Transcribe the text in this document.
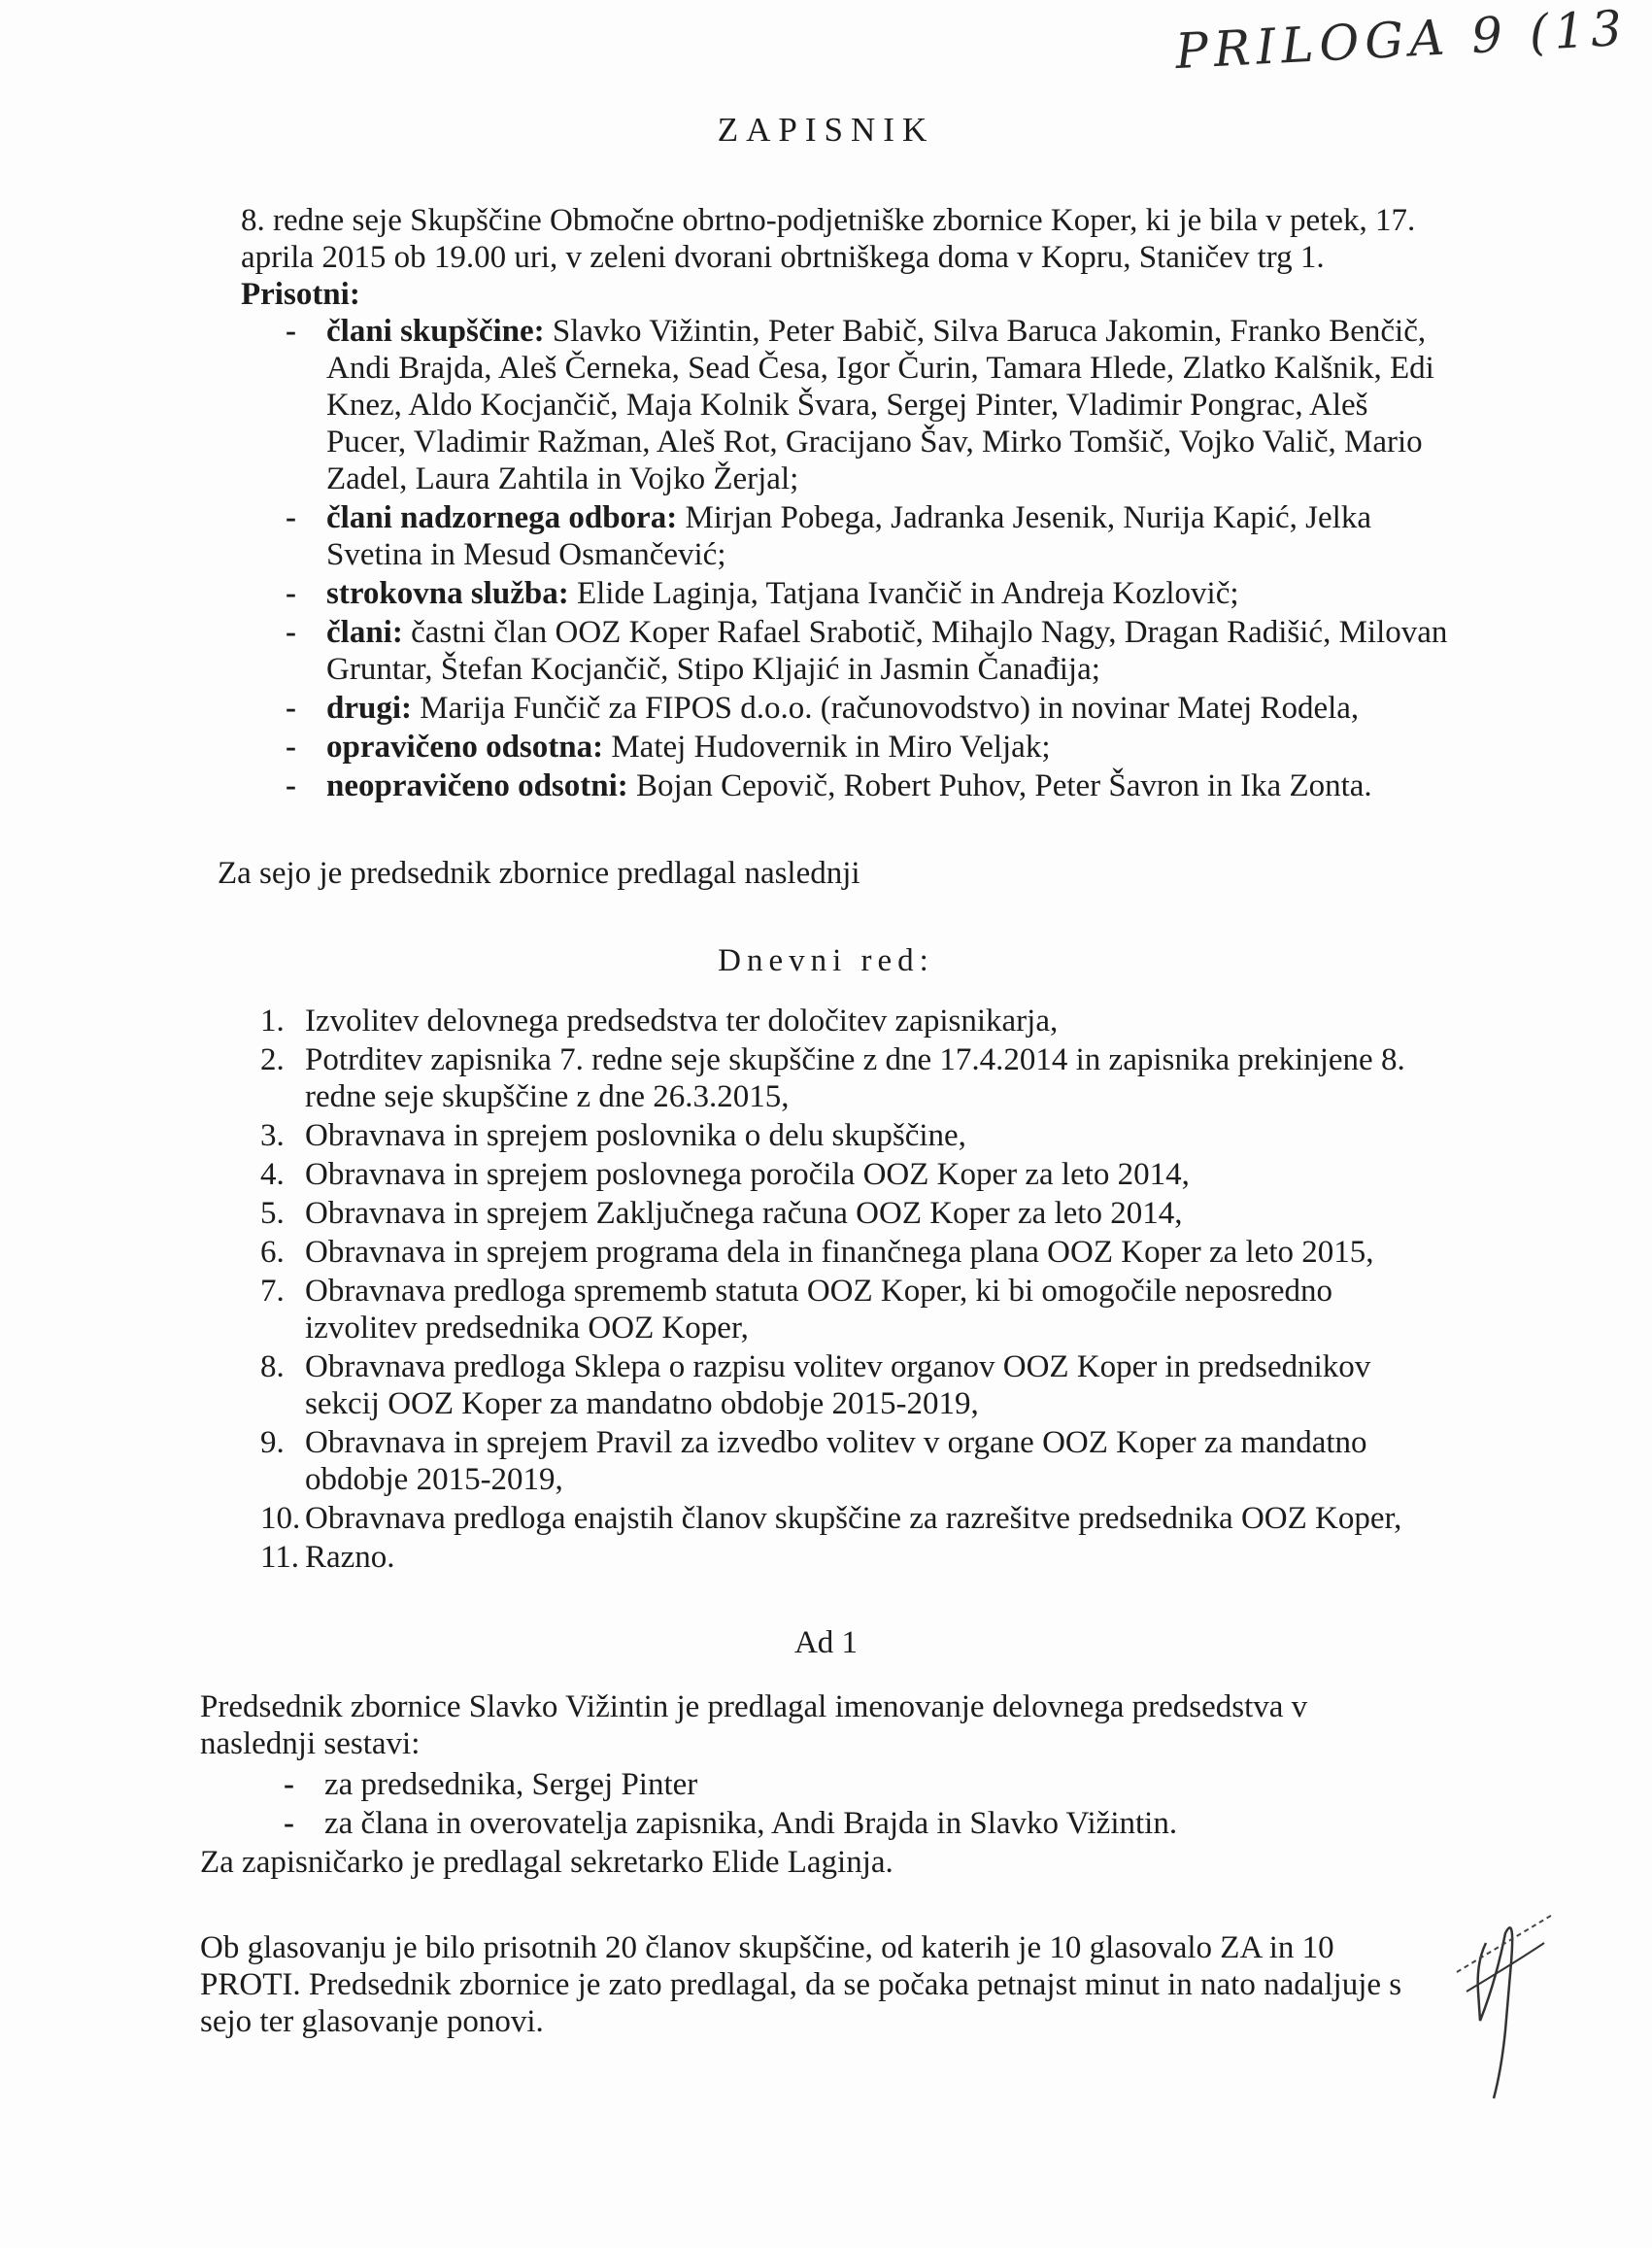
PRILOGA 9 (13
ZAPISNIK

8. redne seje Skupščine Območne obrtno-podjetniške zbornice Koper, ki je bila v petek, 17.

aprila 2015 ob 19.00 uri, v zeleni dvorani obrtniškega doma v Kopru, Staničev trg 1.

Prisotni:

- člani skupščine: Slavko Vižintin, Peter Babič, Silva Baruca Jakomin, Franko Benčič, Andi Brajda, Aleš Černeka, Sead Česa, Igor Čurin, Tamara Hlede, Zlatko Kalšnik, Edi Knez, Aldo Kocjančič, Maja Kolnik Švara, Sergej Pinter, Vladimir Pongrac, Aleš Pucer, Vladimir Ražman, Aleš Rot, Gracijano Šav, Mirko Tomšič, Vojko Valič, Mario Zadel, Laura Zahtila in Vojko Žerjal;
- člani nadzornega odbora: Mirjan Pobega, Jadranka Jesenik, Nurija Kapić, Jelka Svetina in Mesud Osmančević;
- strokovna služba: Elide Laginja, Tatjana Ivančič in Andreja Kozlovič;
- člani: častni član OOZ Koper Rafael Srabotič, Mihajlo Nagy, Dragan Radišić, Milovan Gruntar, Štefan Kocjančič, Stipo Kljajić in Jasmin Čanađija;
- drugi: Marija Funčič za FIPOS d.o.o. (računovodstvo) in novinar Matej Rodela,
- opravičeno odsotna: Matej Hudovernik in Miro Veljak;
- neopravičeno odsotni: Bojan Cepovič, Robert Puhov, Peter Šavron in Ika Zonta.
Za sejo je predsednik zbornice predlagal naslednji
Dnevni red:
1. Izvolitev delovnega predsedstva ter določitev zapisnikarja,
2. Potrditev zapisnika 7. redne seje skupščine z dne 17.4.2014 in zapisnika prekinjene 8. redne seje skupščine z dne 26.3.2015,
3. Obravnava in sprejem poslovnika o delu skupščine,
4. Obravnava in sprejem poslovnega poročila OOZ Koper za leto 2014,
5. Obravnava in sprejem Zaključnega računa OOZ Koper za leto 2014,
6. Obravnava in sprejem programa dela in finančnega plana OOZ Koper za leto 2015,
7. Obravnava predloga sprememb statuta OOZ Koper, ki bi omogočile neposredno izvolitev predsednika OOZ Koper,
8. Obravnava predloga Sklepa o razpisu volitev organov OOZ Koper in predsednikov sekcij OOZ Koper za mandatno obdobje 2015-2019,
9. Obravnava in sprejem Pravil za izvedbo volitev v organe OOZ Koper za mandatno obdobje 2015-2019,
10. Obravnava predloga enajstih članov skupščine za razrešitve predsednika OOZ Koper,
11. Razno.
Ad 1
Predsednik zbornice Slavko Vižintin je predlagal imenovanje delovnega predsedstva v naslednji sestavi:
- za predsednika, Sergej Pinter
- za člana in overovatelja zapisnika, Andi Brajda in Slavko Vižintin.
Za zapisničarko je predlagal sekretarko Elide Laginja.
Ob glasovanju je bilo prisotnih 20 članov skupščine, od katerih je 10 glasovalo ZA in 10 PROTI. Predsednik zbornice je zato predlagal, da se počaka petnajst minut in nato nadaljuje s sejo ter glasovanje ponovi.
